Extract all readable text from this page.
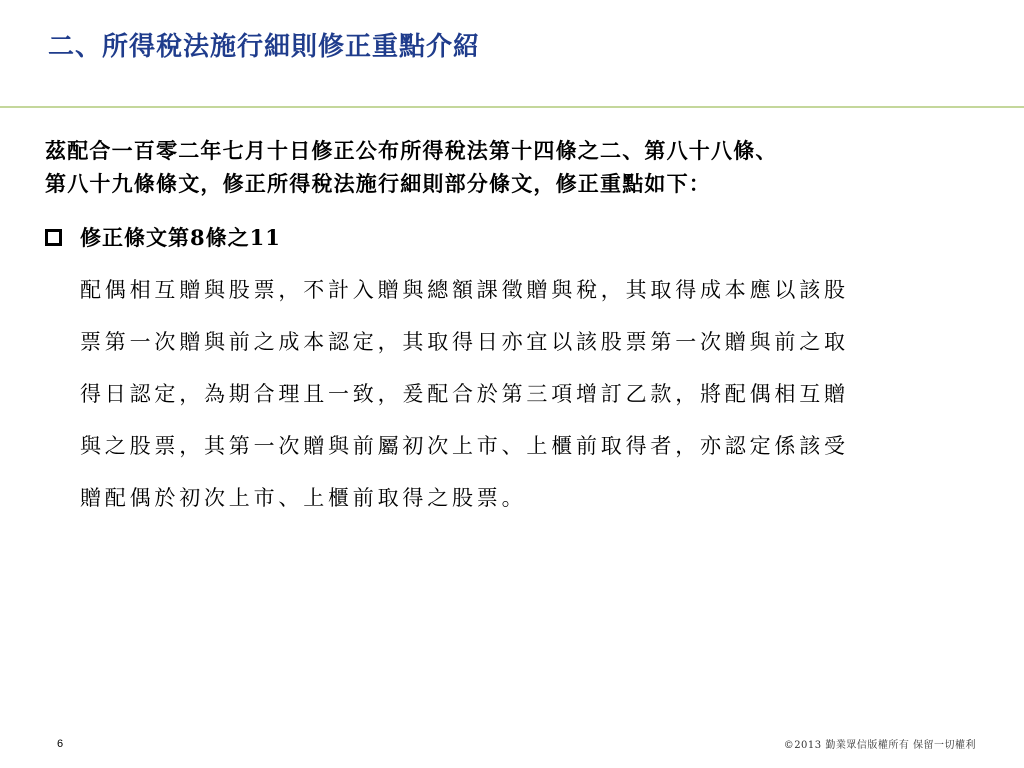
二、所得稅法施行細則修正重點介紹

茲配合一百零二年七月十日修正公布所得稅法第十四條之二、第八十八條、
第八十九條條文，修正所得稅法施行細則部分條文，修正重點如下：

修正條文第8條之11

配偶相互贈與股票，不計入贈與總額課徵贈與稅，其取得成本應以該股
票第一次贈與前之成本認定，其取得日亦宜以該股票第一次贈與前之取
得日認定，為期合理且一致，爰配合於第三項增訂乙款，將配偶相互贈
與之股票，其第一次贈與前屬初次上市、上櫃前取得者，亦認定係該受
贈配偶於初次上市、上櫃前取得之股票。

6	©2013 勤業眾信版權所有 保留一切權利
